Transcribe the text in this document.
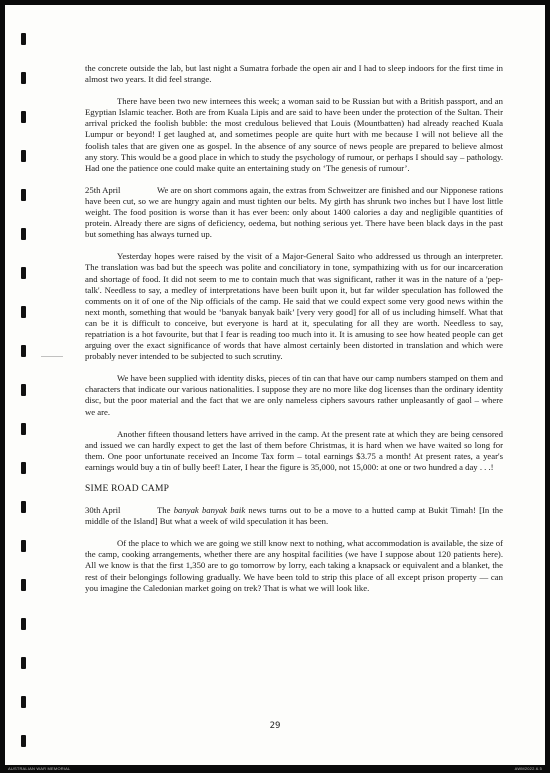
the concrete outside the lab, but last night a Sumatra forbade the open air and I had to sleep indoors for the first time in almost two years. It did feel strange.

There have been two new internees this week; a woman said to be Russian but with a British passport, and an Egyptian Islamic teacher. Both are from Kuala Lipis and are said to have been under the protection of the Sultan. Their arrival pricked the foolish bubble: the most credulous believed that Louis (Mountbatten) had already reached Kuala Lumpur or beyond! I get laughed at, and sometimes people are quite hurt with me because I will not believe all the foolish tales that are given one as gospel. In the absence of any source of news people are prepared to believe almost any story. This would be a good place in which to study the psychology of rumour, or perhaps I should say – pathology. Had one the patience one could make quite an entertaining study on ‘The genesis of rumour’.

25th April	We are on short commons again, the extras from Schweitzer are finished and our Nipponese rations have been cut, so we are hungry again and must tighten our belts. My girth has shrunk two inches but I have lost little weight. The food position is worse than it has ever been: only about 1400 calories a day and negligible quantities of protein. Already there are signs of deficiency, oedema, but nothing serious yet. There have been black days in the past but something has always turned up.

Yesterday hopes were raised by the visit of a Major-General Saito who addressed us through an interpreter. The translation was bad but the speech was polite and conciliatory in tone, sympathizing with us for our incarceration and shortage of food. It did not seem to me to contain much that was significant, rather it was in the nature of a 'pep-talk'. Needless to say, a medley of interpretations have been built upon it, but far wilder speculation has followed the comments on it of one of the Nip officials of the camp. He said that we could expect some very good news within the next month, something that would be ‘banyak banyak baik’ [very very good] for all of us including himself. What that can be it is difficult to conceive, but everyone is hard at it, speculating for all they are worth. Needless to say, repatriation is a hot favourite, but that I fear is reading too much into it. It is amusing to see how heated people can get arguing over the exact significance of words that have almost certainly been distorted in translation and which were probably never intended to be subjected to such scrutiny.

We have been supplied with identity disks, pieces of tin can that have our camp numbers stamped on them and characters that indicate our various nationalities. I suppose they are no more like dog licenses than the ordinary identity disc, but the poor material and the fact that we are only nameless ciphers savours rather unpleasantly of gaol – where we are.

Another fifteen thousand letters have arrived in the camp. At the present rate at which they are being censored and issued we can hardly expect to get the last of them before Christmas, it is hard when we have waited so long for them. One poor unfortunate received an Income Tax form – total earnings $3.75 a month! At present rates, a year's earnings would buy a tin of bully beef! Later, I hear the figure is 35,000, not 15,000: at one or two hundred a day . . .!

SIME ROAD CAMP

30th April	The banyak banyak baik news turns out to be a move to a hutted camp at Bukit Timah! [In the middle of the Island] But what a week of wild speculation it has been.

Of the place to which we are going we still know next to nothing, what accommodation is available, the size of the camp, cooking arrangements, whether there are any hospital facilities (we have I suppose about 120 patients here). All we know is that the first 1,350 are to go tomorrow by lorry, each taking a knapsack or equivalent and a blanket, the rest of their belongings following gradually. We have been told to strip this place of all except prison property — can you imagine the Caledonian market going on trek? That is what we will look like.

29
AUSTRALIAN WAR MEMORIAL	AWM2022.6.5
